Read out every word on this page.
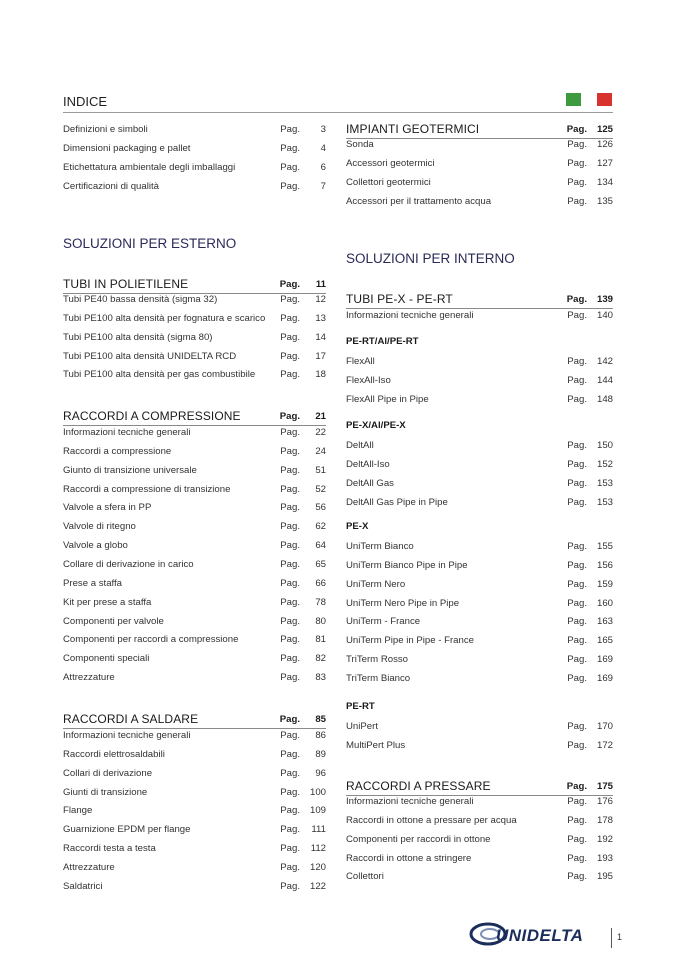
INDICE
Definizioni e simboli	Pag. 3
Dimensioni packaging e pallet	Pag. 4
Etichettatura ambientale degli imballaggi	Pag. 6
Certificazioni di qualità	Pag. 7
SOLUZIONI PER ESTERNO
TUBI IN POLIETILENE	Pag. 11
Tubi PE40 bassa densità (sigma 32)	Pag. 12
Tubi PE100 alta densità per fognatura e scarico Pag. 13
Tubi PE100 alta densità (sigma 80)	Pag. 14
Tubi PE100 alta densità UNIDELTA RCD	Pag. 17
Tubi PE100 alta densità per gas combustibile	Pag. 18
RACCORDI A COMPRESSIONE	Pag. 21
Informazioni tecniche generali	Pag. 22
Raccordi a compressione	Pag. 24
Giunto di transizione universale	Pag. 51
Raccordi a compressione di transizione	Pag. 52
Valvole a sfera in PP	Pag. 56
Valvole di ritegno	Pag. 62
Valvole a globo	Pag. 64
Collare di derivazione in carico	Pag. 65
Prese a staffa	Pag. 66
Kit per prese a staffa	Pag. 78
Componenti per valvole	Pag. 80
Componenti per raccordi a compressione	Pag. 81
Componenti speciali	Pag. 82
Attrezzature	Pag. 83
RACCORDI A SALDARE	Pag. 85
Informazioni tecniche generali	Pag. 86
Raccordi elettrosaldabili	Pag. 89
Collari di derivazione	Pag. 96
Giunti di transizione	Pag. 100
Flange	Pag. 109
Guarnizione EPDM per flange	Pag. 111
Raccordi testa a testa	Pag. 112
Attrezzature	Pag. 120
Saldatrici	Pag. 122
IMPIANTI GEOTERMICI	Pag. 125
Sonda	Pag. 126
Accessori geotermici	Pag. 127
Collettori geotermici	Pag. 134
Accessori per il trattamento acqua	Pag. 135
SOLUZIONI PER INTERNO
TUBI PE-X - PE-RT	Pag. 139
Informazioni tecniche generali	Pag. 140
PE-RT/Al/PE-RT
FlexAll	Pag. 142
FlexAll-Iso	Pag. 144
FlexAll Pipe in Pipe	Pag. 148
PE-X/Al/PE-X
DeltAll	Pag. 150
DeltAll-Iso	Pag. 152
DeltAll Gas	Pag. 153
DeltAll Gas Pipe in Pipe	Pag. 153
PE-X
UniTerm Bianco	Pag. 155
UniTerm Bianco Pipe in Pipe	Pag. 156
UniTerm Nero	Pag. 159
UniTerm Nero Pipe in Pipe	Pag. 160
UniTerm - France	Pag. 163
UniTerm Pipe in Pipe - France	Pag. 165
TriTerm Rosso	Pag. 169
TriTerm Bianco	Pag. 169
PE-RT
UniPert	Pag. 170
MultiPert Plus	Pag. 172
RACCORDI A PRESSARE	Pag. 175
Informazioni tecniche generali	Pag. 176
Raccordi in ottone a pressare per acqua	Pag. 178
Componenti per raccordi in ottone	Pag. 192
Raccordi in ottone a stringere	Pag. 193
Collettori	Pag. 195
UNIDELTA	1
